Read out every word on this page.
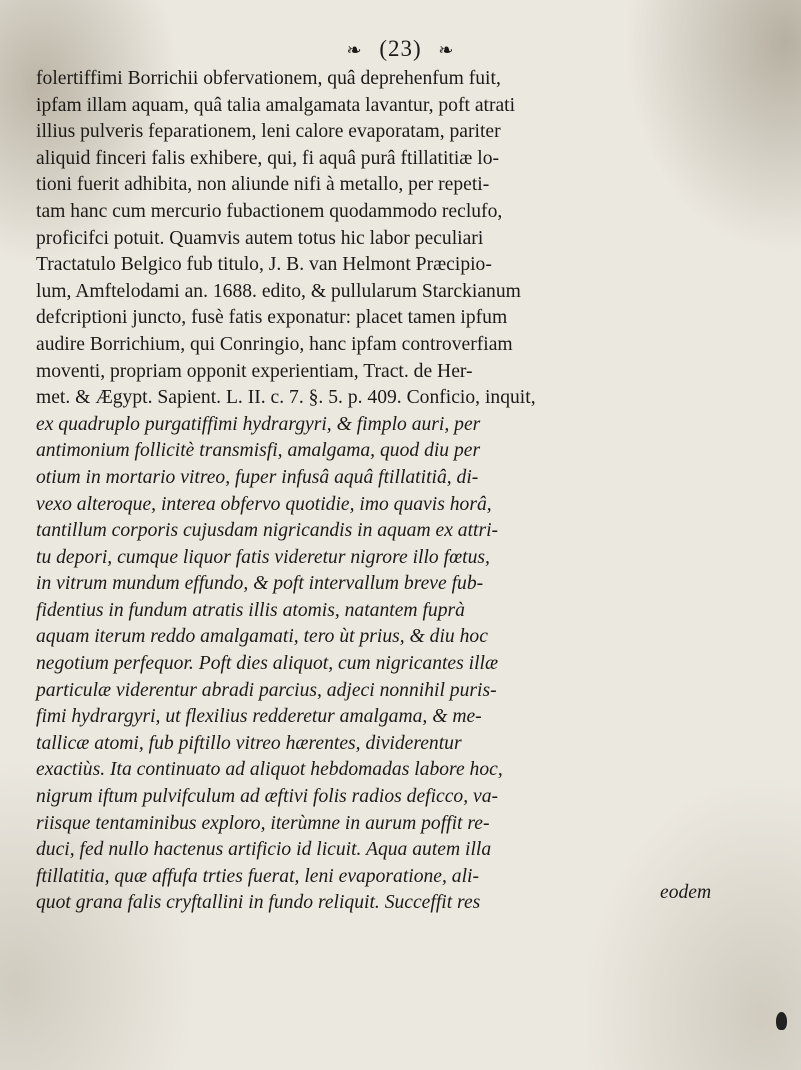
❧ (23) ❧
folertiffimi Borrichii obfervationem, quâ deprehenfum fuit,
ipfam illam aquam, quâ talia amalgamata lavantur, poft atrati
illius pulveris feparationem, leni calore evaporatam, pariter
aliquid finceri falis exhibere, qui, fi aquâ purâ ftillatitiæ lo-
tioni fuerit adhibita, non aliunde nifi à metallo, per repeti-
tam hanc cum mercurio fubactionem quodammodo reclufo,
proficifci potuit. Quamvis autem totus hic labor peculiari
Tractatulo Belgico fub titulo, J. B. van Helmont Præcipio-
lum, Amftelodami an. 1688. edito, & pullularum Starckianum
defcriptioni juncto, fusè fatis exponatur: placet tamen ipfum
audire Borrichium, qui Conringio, hanc ipfam controverfiam
moventi, propriam opponit experientiam, Tract. de Her-
met. & Ægypt. Sapient. L. II. c. 7. §. 5. p. 409. Conficio, inquit,
ex quadruplo purgatiffimi hydrargyri, & fimplo auri, per
antimonium follicitè transmisfi, amalgama, quod diu per
otium in mortario vitreo, fuper infusâ aquâ ftillatitiâ, di-
vexo alteroque, interea obfervo quotidie, imo quavis horâ,
tantillum corporis cujusdam nigricandis in aquam ex attri-
tu depori, cumque liquor fatis videretur nigrore illo fœtus,
in vitrum mundum effundo, & poft intervallum breve fub-
fidentius in fundum atratis illis atomis, natantem fuprà
aquam iterum reddo amalgamati, tero ùt prius, & diu hoc
negotium perfequor. Poft dies aliquot, cum nigricantes illæ
particulæ viderentur abradi parcius, adjeci nonnihil puris-
fimi hydrargyri, ut flexilius redderetur amalgama, & me-
tallicæ atomi, fub piftillo vitreo hærentes, dividerentur
exactiùs. Ita continuato ad aliquot hebdomadas labore hoc,
nigrum iftum pulvifculum ad æftivi folis radios deficco, va-
riisque tentaminibus exploro, iterùmne in aurum poffit re-
duci, fed nullo hactenus artificio id licuit. Aqua autem illa
ftillatitia, quæ affufa trties fuerat, leni evaporatione, ali-
quot grana falis cryftallini in fundo reliquit. Succeffit res	eodem
